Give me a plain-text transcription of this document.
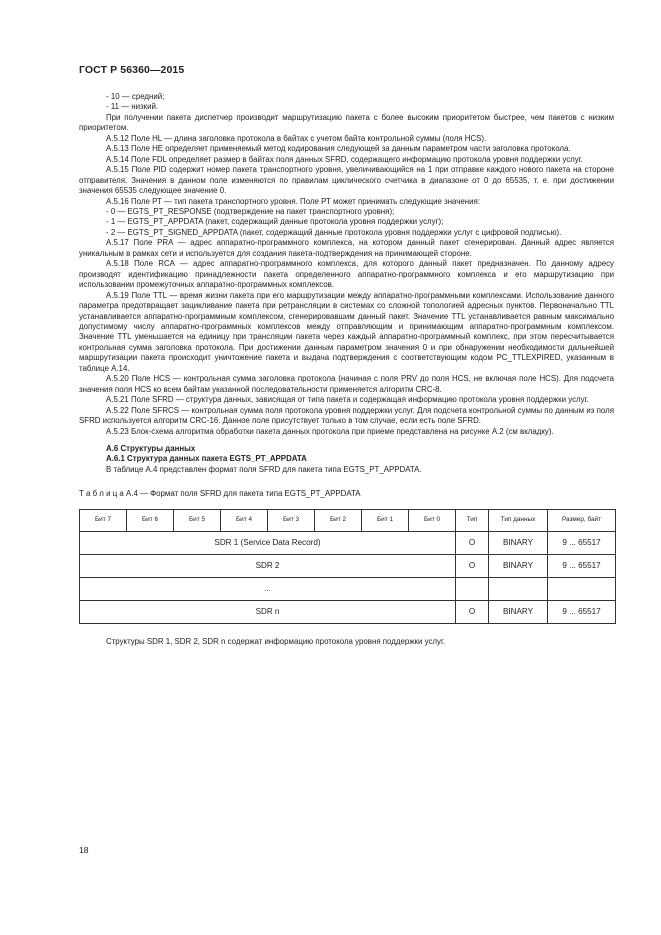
ГОСТ Р 56360—2015

- 10 — средний;

- 11 — низкий.

При получении пакета диспетчер производит маршрутизацию пакета с более высоким приоритетом быстрее, чем пакетов с низким приоритетом.

А.5.12 Поле HL — длина заголовка протокола в байтах с учетом байта контрольной суммы (поля HCS).

А.5.13 Поле НЕ определяет применяемый метод кодирования следующей за данным параметром части заголовка протокола.

А.5.14 Поле FDL определяет размер в байтах поля данных SFRD, содержащего информацию протокола уровня поддержки услуг.

А.5.15 Поле PID содержит номер пакета транспортного уровня, увеличивающийся на 1 при отправке каждого нового пакета на стороне отправителя. Значения в данном поле изменяются по правилам циклического счетчика в диапазоне от 0 до 65535, т. е. при достижении значения 65535 следующее значение 0.

А.5.16 Поле РТ — тип пакета транспортного уровня. Поле РТ может принимать следующие значения:

- 0 — EGTS_PT_RESPONSE (подтверждение на пакет транспортного уровня);

- 1 — EGTS_PT_APPDATA (пакет, содержащий данные протокола уровня поддержки услуг);

- 2 — EGTS_PT_SIGNED_APPDATA (пакет, содержащий данные протокола уровня поддержки услуг с цифровой подписью).

А.5.17 Поле PRA — адрес аппаратно-программного комплекса, на котором данный пакет сгенерирован. Данный адрес является уникальным в рамках сети и используется для создания пакета-подтверждения на принимающей стороне.

А.5.18 Поле RCA — адрес аппаратно-программного комплекса, для которого данный пакет предназначен. По данному адресу производят идентификацию принадлежности пакета определенного аппаратно-программного комплекса и его маршрутизацию при использовании промежуточных аппаратно-программных комплексов.

А.5.19 Поле TTL — время жизни пакета при его маршрутизации между аппаратно-программными комплексами. Использование данного параметра предотвращает зацикливание пакета при ретрансляции в системах со сложной топологией адресных пунктов. Первоначально TTL устанавливается аппаратно-программным комплексом, сгенерировавшим данный пакет. Значение TTL устанавливается равным максимально допустимому числу аппаратно-программных комплексов между отправляющим и принимающим аппаратно-программным комплексом. Значение TTL уменьшается на единицу при трансляции пакета через каждый аппаратно-программный комплекс, при этом пересчитывается контрольная сумма заголовка протокола. При достижении данным параметром значения 0 и при обнаружении необходимости дальнейшей маршрутизации пакета происходит уничтожение пакета и выдача подтверждения с соответствующим кодом PC_TTLEXPIRED, указанным в таблице А.14.

А.5.20 Поле HCS — контрольная сумма заголовка протокола (начиная с поля PRV до поля HCS, не включая поле HCS). Для подсчета значения поля HCS ко всем байтам указанной последовательности применяется алгоритм CRC-8.

А.5.21 Поле SFRD — структура данных, зависящая от типа пакета и содержащая информацию протокола уровня поддержки услуг.

А.5.22 Поле SFRCS — контрольная сумма поля протокола уровня поддержки услуг. Для подсчета контрольной суммы по данным из поля SFRD используется алгоритм CRC-16. Данное поле присутствует только в том случае, если есть поле SFRD.

А.5.23 Блок-схема алгоритма обработки пакета данных протокола при приеме представлена на рисунке А.2 (см вкладку).

А.6 Структуры данных

А.6.1 Структура данных пакета EGTS_PT_APPDATA

В таблице А.4 представлен формат поля SFRD для пакета типа EGTS_PT_APPDATA.

Т а б л и ц а А.4 — Формат поля SFRD для пакета типа EGTS_PT_APPDATA

Бит 7	Бит 6	Бит 5	Бит 4	Бит 3	Бит 2	Бит 1	Бит 0	Тип	Тип данных	Размер, байт
SDR 1 (Service Data Record)								O	BINARY	9 ... 65517
SDR 2								O	BINARY	9 ... 65517
...										
SDR n								O	BINARY	9 ... 65517

Структуры SDR 1, SDR 2, SDR n содержат информацию протокола уровня поддержки услуг.

18
